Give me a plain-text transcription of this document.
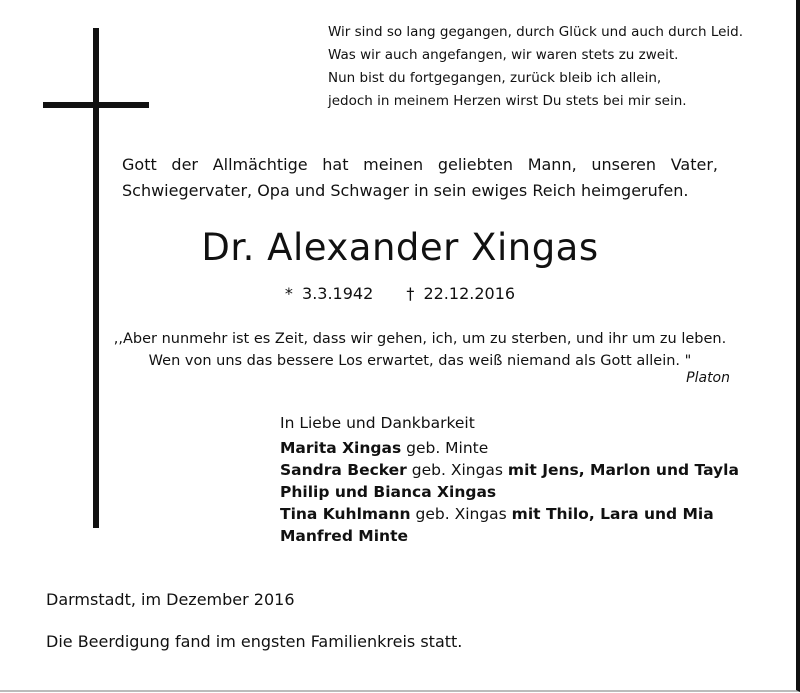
Wir sind so lang gegangen, durch Glück und auch durch Leid.
Was wir auch angefangen, wir waren stets zu zweit.
Nun bist du fortgegangen, zurück bleib ich allein,
jedoch in meinem Herzen wirst Du stets bei mir sein.
Gott der Allmächtige hat meinen geliebten Mann, unseren Vater,
Schwiegervater, Opa und Schwager in sein ewiges Reich heimgerufen.
Dr. Alexander Xingas
* 3.3.1942 † 22.12.2016
,,Aber nunmehr ist es Zeit, dass wir gehen, ich, um zu sterben, und ihr um zu leben.
Wen von uns das bessere Los erwartet, das weiß niemand als Gott allein. "
Platon
In Liebe und Dankbarkeit
Marita Xingas geb. Minte
Sandra Becker geb. Xingas mit Jens, Marlon und Tayla
Philip und Bianca Xingas
Tina Kuhlmann geb. Xingas mit Thilo, Lara und Mia
Manfred Minte
Darmstadt, im Dezember 2016
Die Beerdigung fand im engsten Familienkreis statt.
